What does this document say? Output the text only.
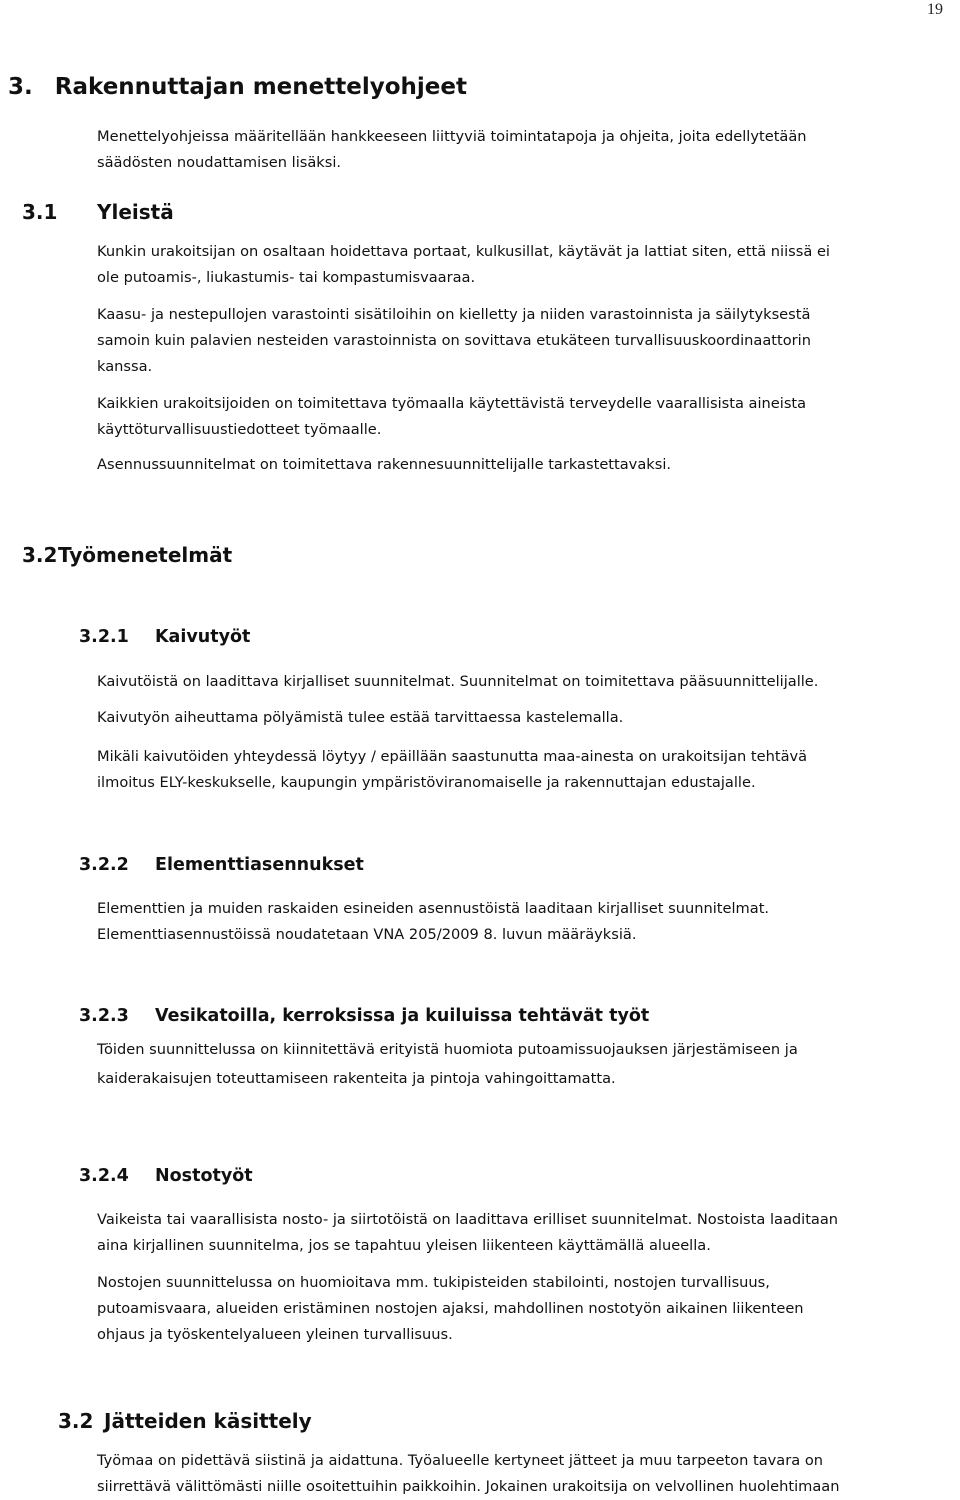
19
3. Rakennuttajan menettelyohjeet
Menettelyohjeissa määritellään hankkeeseen liittyviä toimintatapoja ja ohjeita, joita edellytetään
säädösten noudattamisen lisäksi.
3.1 Yleistä
Kunkin urakoitsijan on osaltaan hoidettava portaat, kulkusillat, käytävät ja lattiat siten, että niissä ei
ole putoamis-, liukastumis- tai kompastumisvaaraa.
Kaasu- ja nestepullojen varastointi sisätiloihin on kielletty ja niiden varastoinnista ja säilytyksestä
samoin kuin palavien nesteiden varastoinnista on sovittava etukäteen turvallisuuskoordinaattorin
kanssa.
Kaikkien urakoitsijoiden on toimitettava työmaalla käytettävistä terveydelle vaarallisista aineista
käyttöturvallisuustiedotteet työmaalle.
Asennussuunnitelmat on toimitettava rakennesuunnittelijalle tarkastettavaksi.
3.2 Työmenetelmät
3.2.1 Kaivutyöt
Kaivutöistä on laadittava kirjalliset suunnitelmat. Suunnitelmat on toimitettava pääsuunnittelijalle.
Kaivutyön aiheuttama pölyämistä tulee estää tarvittaessa kastelemalla.
Mikäli kaivutöiden yhteydessä löytyy / epäillään saastunutta maa-ainesta on urakoitsijan tehtävä
ilmoitus ELY-keskukselle, kaupungin ympäristöviranomaiselle ja rakennuttajan edustajalle.
3.2.2 Elementtiasennukset
Elementtien ja muiden raskaiden esineiden asennustöistä laaditaan kirjalliset suunnitelmat.
Elementtiasennustöissä noudatetaan VNA 205/2009 8. luvun määräyksiä.
3.2.3 Vesikatoilla, kerroksissa ja kuiluissa tehtävät työt
Töiden suunnittelussa on kiinnitettävä erityistä huomiota putoamissuojauksen järjestämiseen ja
kaiderakaisujen toteuttamiseen rakenteita ja pintoja vahingoittamatta.
3.2.4 Nostotyöt
Vaikeista tai vaarallisista nosto- ja siirtotöistä on laadittava erilliset suunnitelmat. Nostoista laaditaan
aina kirjallinen suunnitelma, jos se tapahtuu yleisen liikenteen käyttämällä alueella.
Nostojen suunnittelussa on huomioitava mm. tukipisteiden stabilointi, nostojen turvallisuus,
putoamisvaara, alueiden eristäminen nostojen ajaksi, mahdollinen nostotyön aikainen liikenteen
ohjaus ja työskentelyalueen yleinen turvallisuus.
3.2 Jätteiden käsittely
Työmaa on pidettävä siistinä ja aidattuna. Työalueelle kertyneet jätteet ja muu tarpeeton tavara on
siirrettävä välittömästi niille osoitettuihin paikkoihin. Jokainen urakoitsija on velvollinen huolehtimaan
